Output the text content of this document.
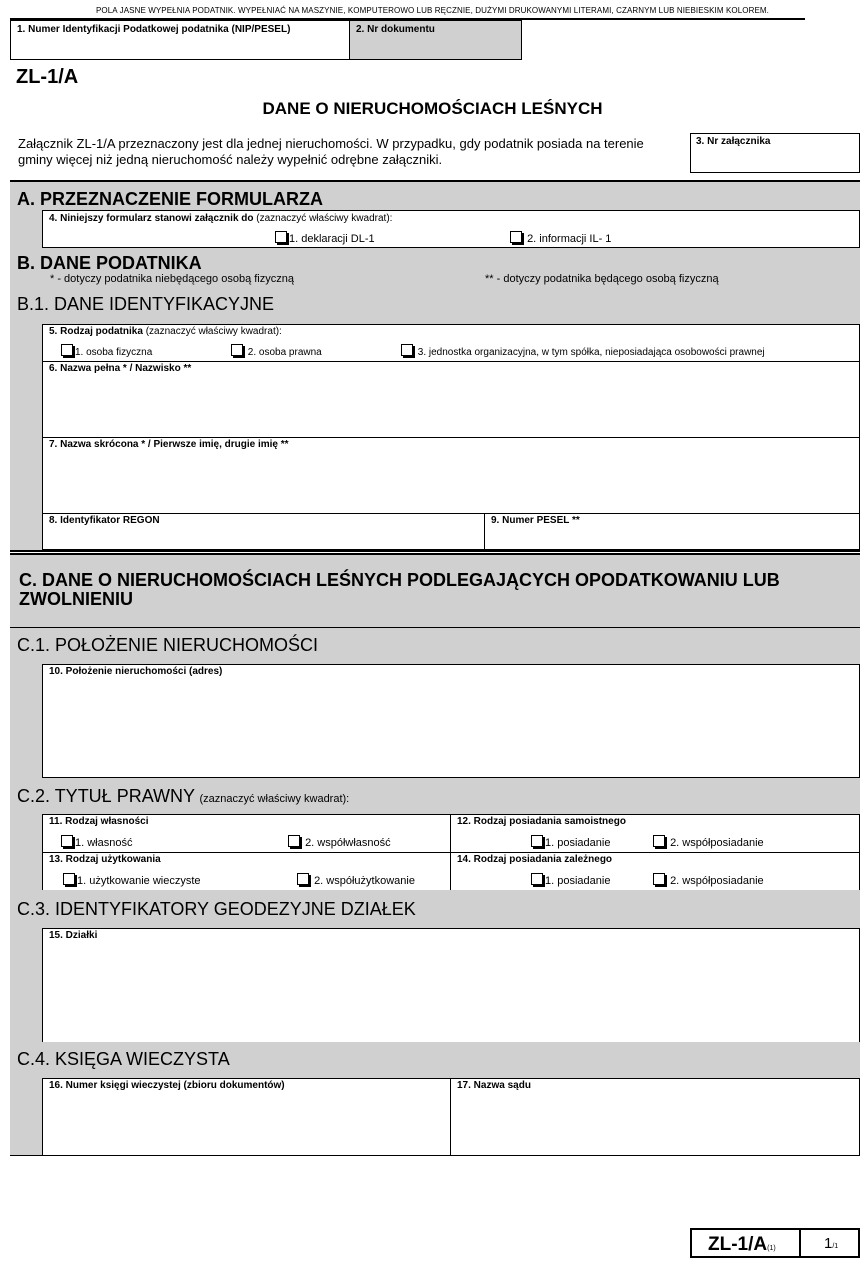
POLA JASNE WYPEŁNIA PODATNIK. WYPEŁNIAĆ NA MASZYNIE, KOMPUTEROWO LUB RĘCZNIE, DUŻYMI DRUKOWANYMI LITERAMI, CZARNYM LUB NIEBIESKIM KOLOREM.
1. Numer Identyfikacji Podatkowej podatnika (NIP/PESEL)	2. Nr dokumentu
ZL-1/A
DANE O NIERUCHOMOŚCIACH LEŚNYCH
Załącznik ZL-1/A przeznaczony jest dla jednej nieruchomości. W przypadku, gdy podatnik posiada na terenie gminy więcej niż jedną nieruchomość należy wypełnić odrębne załączniki.
3. Nr załącznika
A. PRZEZNACZENIE FORMULARZA
4. Niniejszy formularz stanowi załącznik do (zaznaczyć właściwy kwadrat):
1. deklaracji DL-1	2. informacji IL- 1
B. DANE PODATNIKA
* - dotyczy podatnika niebędącego osobą fizyczną	** - dotyczy podatnika będącego osobą fizyczną
B.1. DANE IDENTYFIKACYJNE
5. Rodzaj podatnika (zaznaczyć właściwy kwadrat):
1. osoba fizyczna	2. osoba prawna	3. jednostka organizacyjna, w tym spółka, nieposiadająca osobowości prawnej
6. Nazwa pełna * / Nazwisko **
7. Nazwa skrócona * / Pierwsze imię, drugie imię **
8. Identyfikator REGON	9. Numer PESEL **
C. DANE O NIERUCHOMOŚCIACH LEŚNYCH PODLEGAJĄCYCH OPODATKOWANIU LUB ZWOLNIENIU
C.1. POŁOŻENIE NIERUCHOMOŚCI
10. Położenie nieruchomości (adres)
C.2. TYTUŁ PRAWNY (zaznaczyć właściwy kwadrat):
11. Rodzaj własności
1. własność	2. współwłasność
12. Rodzaj posiadania samoistnego
1. posiadanie	2. współposiadanie
13. Rodzaj użytkowania
1. użytkowanie wieczyste	2. współużytkowanie
14. Rodzaj posiadania zależnego
1. posiadanie	2. współposiadanie
C.3. IDENTYFIKATORY GEODEZYJNE DZIAŁEK
15. Działki
C.4. KSIĘGA WIECZYSTA
16. Numer księgi wieczystej (zbioru dokumentów)	17. Nazwa sądu
ZL-1/A(1)	1/1
